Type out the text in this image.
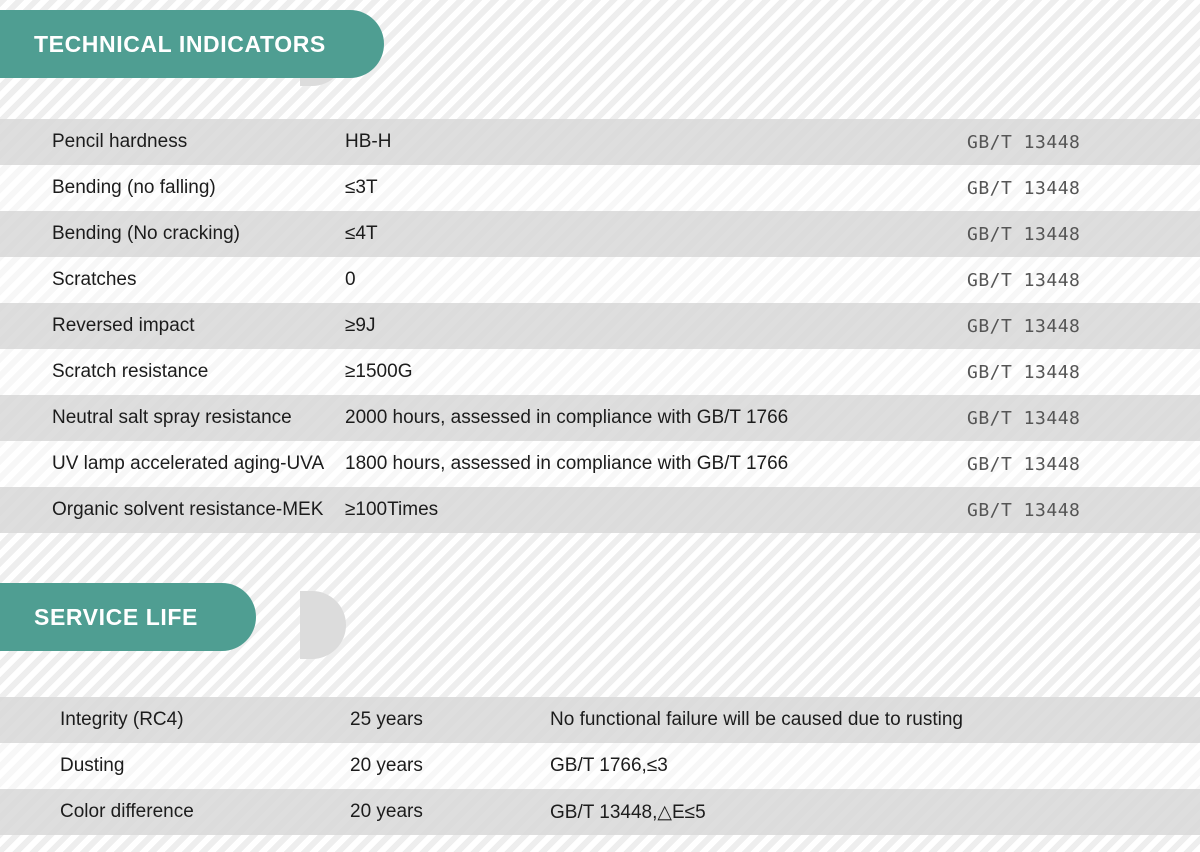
TECHNICAL INDICATORS
Pencil hardness	HB-H	GB/T 13448
Bending (no falling)	≤3T	GB/T 13448
Bending (No cracking)	≤4T	GB/T 13448
Scratches	0	GB/T 13448
Reversed impact	≥9J	GB/T 13448
Scratch resistance	≥1500G	GB/T 13448
Neutral salt spray resistance	2000 hours, assessed in compliance with GB/T 1766	GB/T 13448
UV lamp accelerated aging-UVA	1800 hours, assessed in compliance with GB/T 1766	GB/T 13448
Organic solvent resistance-MEK	≥100Times	GB/T 13448
SERVICE LIFE
Integrity (RC4)	25 years	No functional failure will be caused due to rusting
Dusting	20 years	GB/T 1766,≤3
Color difference	20 years	GB/T 13448,△E≤5
